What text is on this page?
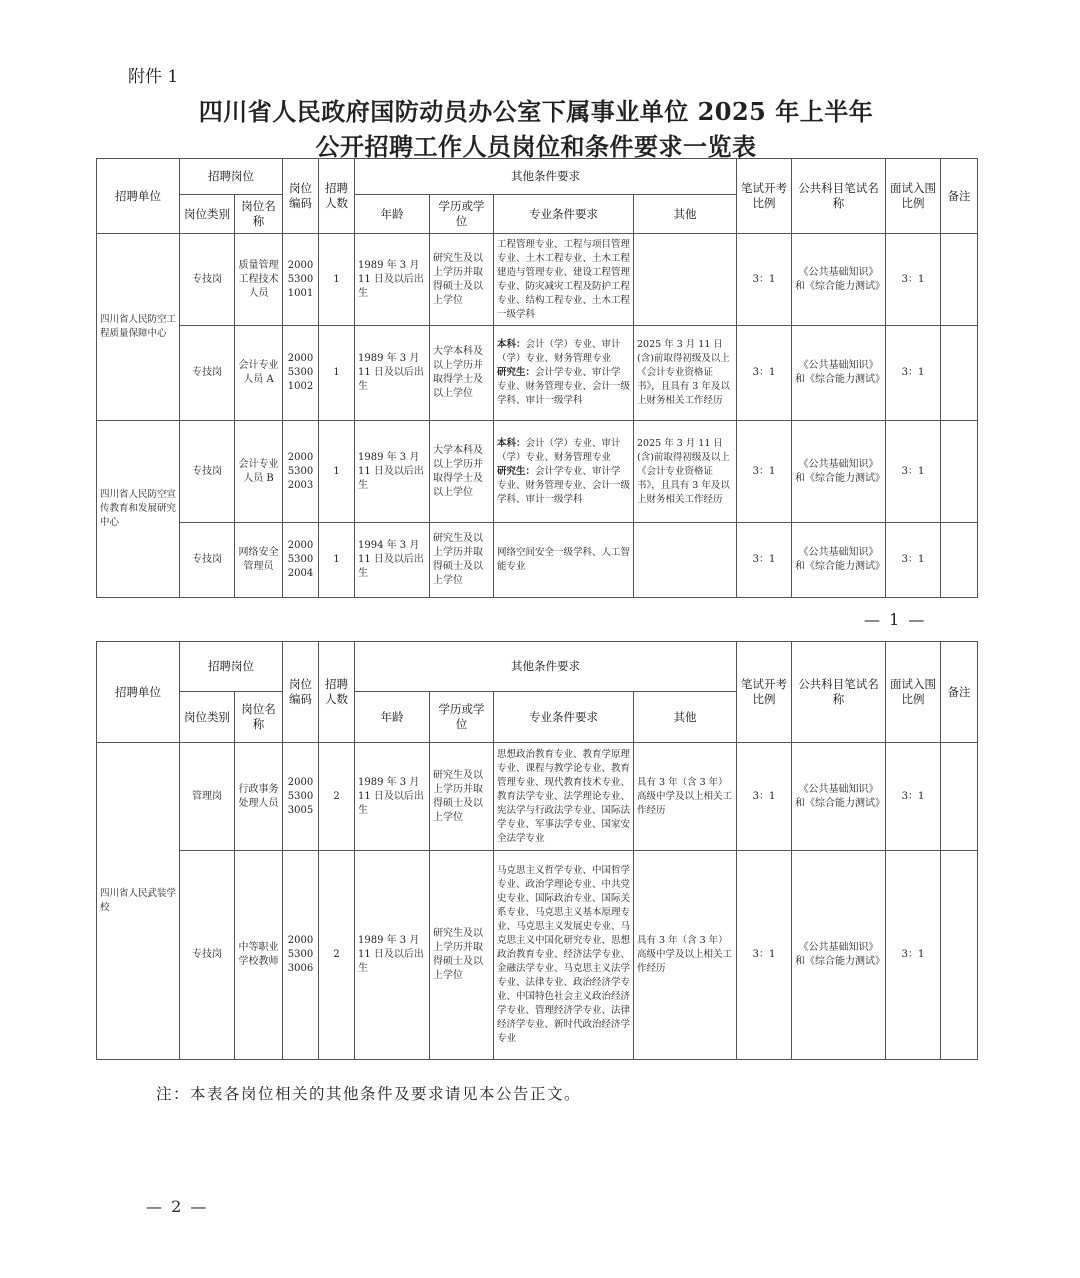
附件 1
四川省人民政府国防动员办公室下属事业单位 2025 年上半年
公开招聘工作人员岗位和条件要求一览表
招聘单位	招聘岗位		岗位编码	招聘人数	其他条件要求				笔试开考比例	公共科目笔试名称	面试入围比例	备注
	岗位类别	岗位名称			年龄	学历或学位	专业条件要求	其他				
四川省人民防空工程质量保障中心	专技岗	质量管理工程技术人员	2000 5300 1001	1	1989 年 3 月 11 日及以后出生	研究生及以上学历并取得硕士及以上学位	工程管理专业、工程与项目管理专业、土木工程专业、土木工程建造与管理专业、建设工程管理专业、防灾减灾工程及防护工程专业、结构工程专业、土木工程一级学科		3：1	《公共基础知识》和《综合能力测试》	3：1	
	专技岗	会计专业人员 A	2000 5300 1002	1	1989 年 3 月 11 日及以后出生	大学本科及以上学历并取得学士及以上学位	本科：会计（学）专业、审计（学）专业、财务管理专业
研究生：会计学专业、审计学专业、财务管理专业、会计一级学科、审计一级学科	2025 年 3 月 11 日(含)前取得初级及以上《会计专业资格证书》，且具有 3 年及以上财务相关工作经历	3：1	《公共基础知识》和《综合能力测试》	3：1	
四川省人民防空宣传教育和发展研究中心	专技岗	会计专业人员 B	2000 5300 2003	1	1989 年 3 月 11 日及以后出生	大学本科及以上学历并取得学士及以上学位	本科：会计（学）专业、审计（学）专业、财务管理专业
研究生：会计学专业、审计学专业、财务管理专业、会计一级学科、审计一级学科	2025 年 3 月 11 日(含)前取得初级及以上《会计专业资格证书》，且具有 3 年及以上财务相关工作经历	3：1	《公共基础知识》和《综合能力测试》	3：1	
	专技岗	网络安全管理员	2000 5300 2004	1	1994 年 3 月 11 日及以后出生	研究生及以上学历并取得硕士及以上学位	网络空间安全一级学科、人工智能专业		3：1	《公共基础知识》和《综合能力测试》	3：1	
— 1 —
招聘单位	招聘岗位		岗位编码	招聘人数	其他条件要求				笔试开考比例	公共科目笔试名称	面试入围比例	备注
	岗位类别	岗位名称			年龄	学历或学位	专业条件要求	其他				
四川省人民武装学校	管理岗	行政事务处理人员	2000 5300 3005	2	1989 年 3 月 11 日及以后出生	研究生及以上学历并取得硕士及以上学位	思想政治教育专业、教育学原理专业、课程与教学论专业、教育管理专业、现代教育技术专业、教育法学专业、法学理论专业、宪法学与行政法学专业、国际法学专业、军事法学专业、国家安全法学专业	具有 3 年（含 3 年）高级中学及以上相关工作经历	3：1	《公共基础知识》和《综合能力测试》	3：1	
	专技岗	中等职业学校教师	2000 5300 3006	2	1989 年 3 月 11 日及以后出生	研究生及以上学历并取得硕士及以上学位	马克思主义哲学专业、中国哲学专业、政治学理论专业、中共党史专业、国际政治专业、国际关系专业、马克思主义基本原理专业、马克思主义发展史专业、马克思主义中国化研究专业、思想政治教育专业、经济法学专业、金融法学专业、马克思主义法学专业、法律专业、政治经济学专业、中国特色社会主义政治经济学专业、管理经济学专业、法律经济学专业、新时代政治经济学专业	具有 3 年（含 3 年）高级中学及以上相关工作经历	3：1	《公共基础知识》和《综合能力测试》	3：1	
注：本表各岗位相关的其他条件及要求请见本公告正文。
— 2 —
